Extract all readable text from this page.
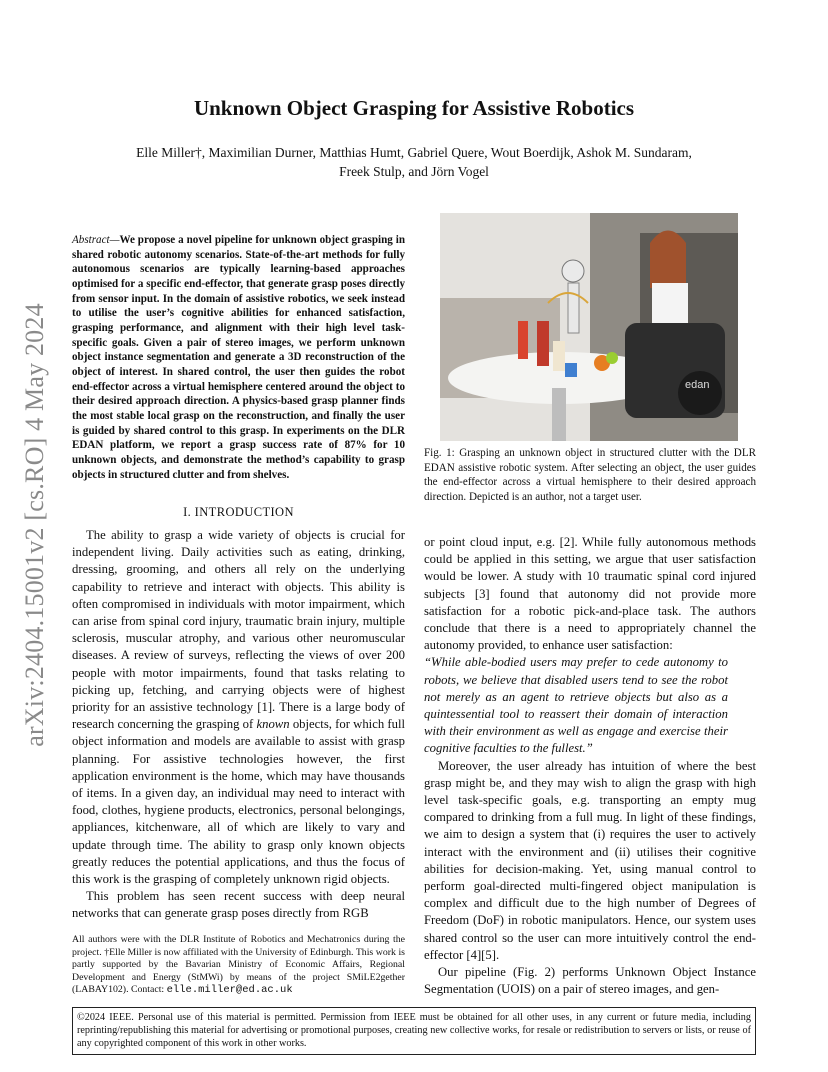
arXiv:2404.15001v2 [cs.RO] 4 May 2024
Unknown Object Grasping for Assistive Robotics
Elle Miller†, Maximilian Durner, Matthias Humt, Gabriel Quere, Wout Boerdijk, Ashok M. Sundaram,
Freek Stulp, and Jörn Vogel
Abstract—We propose a novel pipeline for unknown object grasping in shared robotic autonomy scenarios. State-of-the-art methods for fully autonomous scenarios are typically learning-based approaches optimised for a specific end-effector, that generate grasp poses directly from sensor input. In the domain of assistive robotics, we seek instead to utilise the user’s cognitive abilities for enhanced satisfaction, grasping performance, and alignment with their high level task-specific goals. Given a pair of stereo images, we perform unknown object instance segmentation and generate a 3D reconstruction of the object of interest. In shared control, the user then guides the robot end-effector across a virtual hemisphere centered around the object to their desired approach direction. A physics-based grasp planner finds the most stable local grasp on the reconstruction, and finally the user is guided by shared control to this grasp. In experiments on the DLR EDAN platform, we report a grasp success rate of 87% for 10 unknown objects, and demonstrate the method’s capability to grasp objects in structured clutter and from shelves.
I. INTRODUCTION

The ability to grasp a wide variety of objects is crucial for independent living. Daily activities such as eating, drinking, dressing, grooming, and others all rely on the underlying capability to retrieve and interact with objects. This ability is often compromised in individuals with motor impairment, which can arise from spinal cord injury, traumatic brain injury, multiple sclerosis, muscular atrophy, and various other neuromuscular diseases. A review of surveys, reflecting the views of over 200 people with motor impairments, found that tasks relating to picking up, fetching, and carrying objects were of highest priority for an assistive technology [1]. There is a large body of research concerning the grasping of known objects, for which full object information and models are available to assist with grasp planning. For assistive technologies however, the first application environment is the home, which may have thousands of items. In a given day, an individual may need to interact with food, clothes, hygiene products, electronics, personal belongings, appliances, kitchenware, all of which are likely to vary and update through time. The ability to grasp only known objects greatly reduces the potential applications, and thus the focus of this work is the grasping of completely unknown rigid objects.

This problem has seen recent success with deep neural networks that can generate grasp poses directly from RGB

All authors were with the DLR Institute of Robotics and Mechatronics during the project. †Elle Miller is now affiliated with the University of Edinburgh. This work is partly supported by the Bavarian Ministry of Economic Affairs, Regional Development and Energy (StMWi) by means of the project SMiLE2gether (LABAY102). Contact: elle.miller@ed.ac.uk
edan
Fig. 1: Grasping an unknown object in structured clutter with the DLR EDAN assistive robotic system. After selecting an object, the user guides the end-effector across a virtual hemisphere to their desired approach direction. Depicted is an author, not a target user.

or point cloud input, e.g. [2]. While fully autonomous methods could be applied in this setting, we argue that user satisfaction would be lower. A study with 10 traumatic spinal cord injured subjects [3] found that autonomy did not provide more satisfaction for a robotic pick-and-place task. The authors conclude that there is a need to appropriately channel the autonomy provided, to enhance user satisfaction:

“While able-bodied users may prefer to cede autonomy to robots, we believe that disabled users tend to see the robot not merely as an agent to retrieve objects but also as a quintessential tool to reassert their domain of interaction with their environment as well as engage and exercise their cognitive faculties to the fullest.”

Moreover, the user already has intuition of where the best grasp might be, and they may wish to align the grasp with high level task-specific goals, e.g. transporting an empty mug compared to drinking from a full mug. In light of these findings, we aim to design a system that (i) requires the user to actively interact with the environment and (ii) utilises their cognitive abilities for decision-making. Yet, using manual control to perform goal-directed multi-fingered object manipulation is complex and difficult due to the high number of Degrees of Freedom (DoF) in robotic manipulators. Hence, our system uses shared control so the user can more intuitively control the end-effector [4][5].

Our pipeline (Fig. 2) performs Unknown Object Instance Segmentation (UOIS) on a pair of stereo images, and gen-

©2024 IEEE. Personal use of this material is permitted. Permission from IEEE must be obtained for all other uses, in any current or future media, including reprinting/republishing this material for advertising or promotional purposes, creating new collective works, for resale or redistribution to servers or lists, or reuse of any copyrighted component of this work in other works.
